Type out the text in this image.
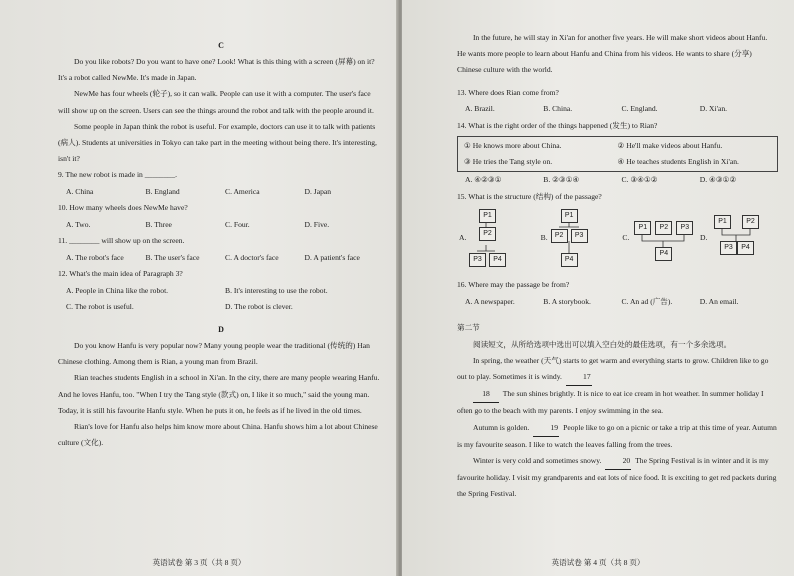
C

Do you like robots? Do you want to have one? Look! What is this thing with a screen (屏幕) on it? It's a robot called NewMe. It's made in Japan.

NewMe has four wheels (轮子), so it can walk. People can use it with a computer. The user's face will show up on the screen. Users can see the things around the robot and talk with the people around it.

Some people in Japan think the robot is useful. For example, doctors can use it to talk with patients (病人). Students at universities in Tokyo can take part in the meeting without being there. It's interesting, isn't it?

9. The new robot is made in ________.

A. China	B. England	C. America	D. Japan

10. How many wheels does NewMe have?

A. Two.	B. Three	C. Four.	D. Five.

11. ________ will show up on the screen.

A. The robot's face	B. The user's face	C. A doctor's face	D. A patient's face

12. What's the main idea of Paragraph 3?

A. People in China like the robot.	B. It's interesting to use the robot.
C. The robot is useful.	D. The robot is clever.
D

Do you know Hanfu is very popular now? Many young people wear the traditional (传统的) Han Chinese clothing. Among them is Rian, a young man from Brazil.

Rian teaches students English in a school in Xi'an. In the city, there are many people wearing Hanfu. And he loves Hanfu, too. "When I try the Tang style (款式) on, I like it so much," said the young man. Today, it is still his favourite Hanfu style. When he puts it on, he feels as if he lived in the old times.

Rian's love for Hanfu also helps him know more about China. Hanfu shows him a lot about Chinese culture (文化).

英语试卷 第 3 页（共 8 页）

In the future, he will stay in Xi'an for another five years. He will make short videos about Hanfu. He wants more people to learn about Hanfu and China from his videos. He wants to share (分享) Chinese culture with the world.

13. Where does Rian come from?

A. Brazil.	B. China.	C. England.	D. Xi'an.

14. What is the right order of the things happened (发生) to Rian?

① He knows more about China.	② He'll make videos about Hanfu.
③ He tries the Tang style on.	④ He teaches students English in Xi'an.
A. ④②③①	B. ②③①④	C. ③④①②	D. ④③①②

15. What is the structure (结构) of the passage?

A.
P1
P2
P3	P4
B.
P1
P2	P3
P4
C.
P1	P2	P3
P4
D.
P1	P2
P3	P4

16. Where may the passage be from?

A. A newspaper.	B. A storybook.	C. An ad (广告).	D. An email.

第二节

阅读短文，从所给选项中选出可以填入空白处的最佳选项，有一个多余选项。

In spring, the weather (天气) starts to get warm and everything starts to grow. Children like to go out to play. Sometimes it is windy.	17

18 The sun shines brightly. It is nice to eat ice cream in hot weather. In summer holiday I often go to the beach with my parents. I enjoy swimming in the sea.

Autumn is golden.	19 People like to go on a picnic or take a trip at this time of year. Autumn is my favourite season. I like to watch the leaves falling from the trees.

Winter is very cold and sometimes snowy.	20 The Spring Festival is in winter and it is my favourite holiday. I visit my grandparents and eat lots of nice food. It is exciting to get red packets during the Spring Festival.

英语试卷 第 4 页（共 8 页）
